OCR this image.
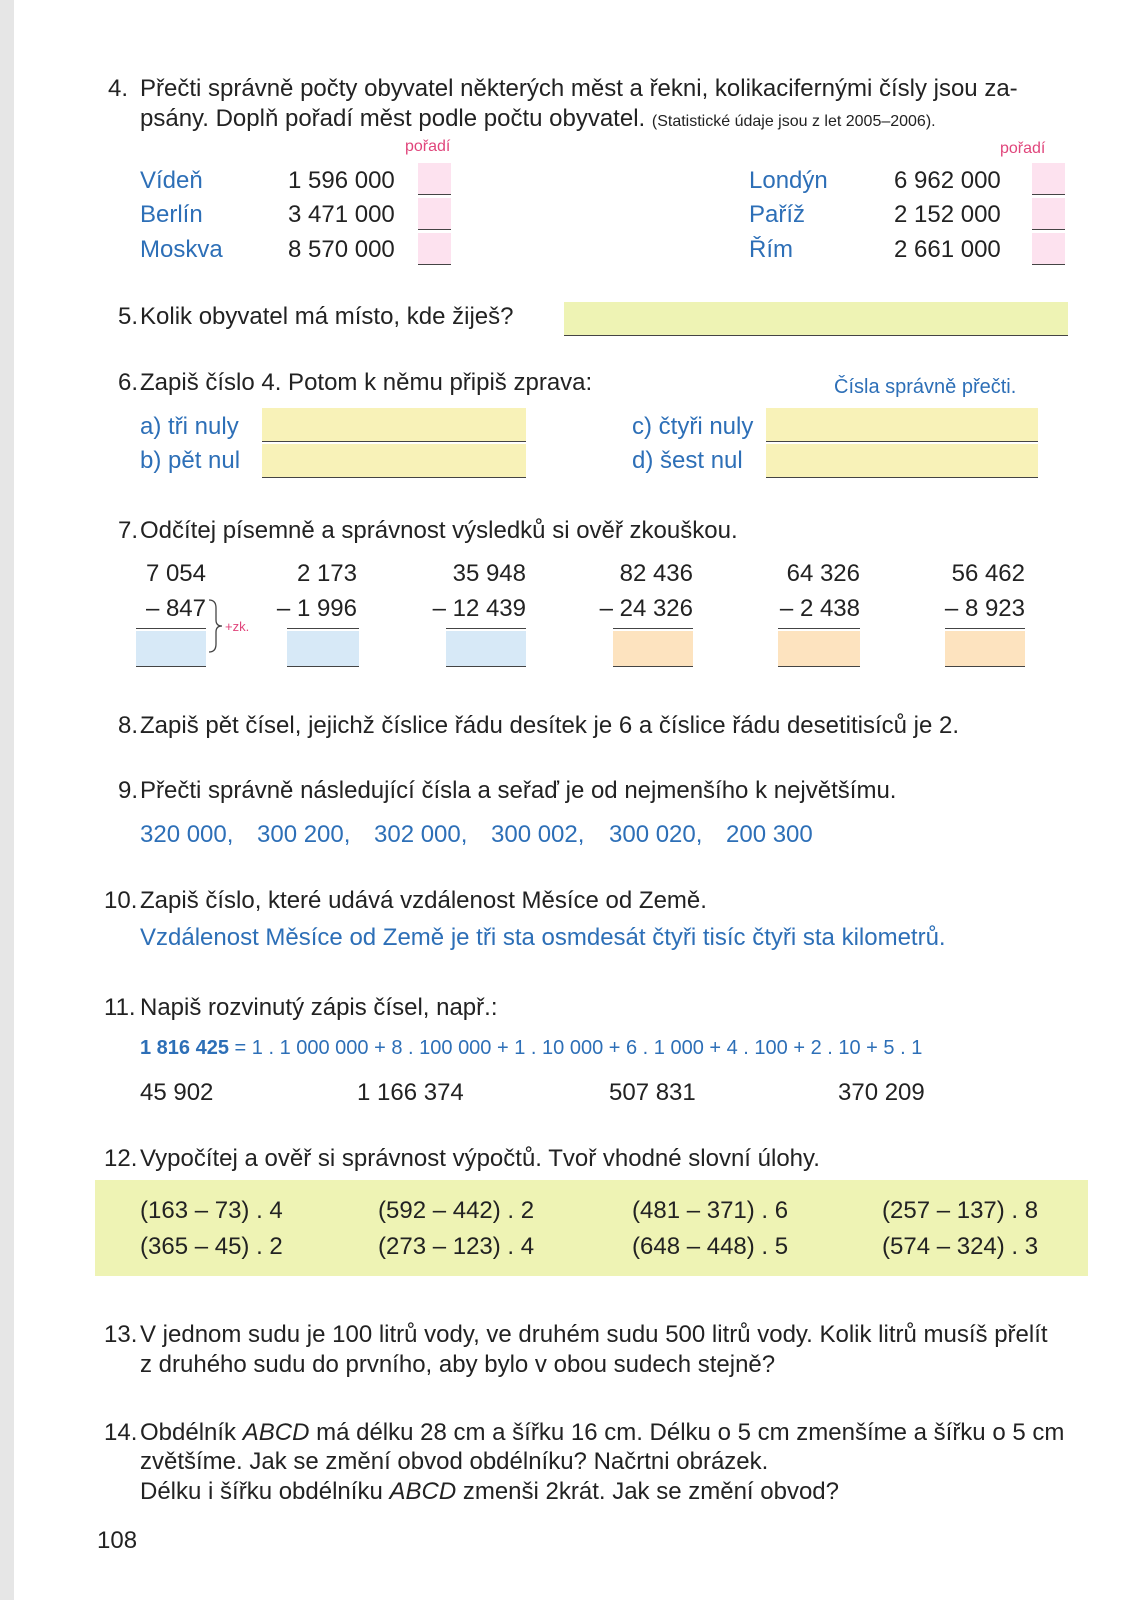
4. Přečti správně počty obyvatel některých měst a řekni, kolikacifernými čísly jsou za-
psány. Doplň pořadí měst podle počtu obyvatel. (Statistické údaje jsou z let 2005–2006).
pořadí	pořadí
Vídeň	1 596 000
Berlín	3 471 000
Moskva	8 570 000
Londýn	6 962 000
Paříž	2 152 000
Řím	2 661 000
5. Kolik obyvatel má místo, kde žiješ?
6. Zapiš číslo 4. Potom k němu připiš zprava:	Čísla správně přečti.
a) tři nuly
b) pět nul
c) čtyři nuly
d) šest nul
7. Odčítej písemně a správnost výsledků si ověř zkouškou.
7 054
– 847
+zk.
2 173
– 1 996
35 948
– 12 439
82 436
– 24 326
64 326
– 2 438
56 462
– 8 923
8. Zapiš pět čísel, jejichž číslice řádu desítek je 6 a číslice řádu desetitisíců je 2.
9. Přečti správně následující čísla a seřaď je od nejmenšího k největšímu.
320 000, 300 200, 302 000, 300 002, 300 020, 200 300
10. Zapiš číslo, které udává vzdálenost Měsíce od Země.
Vzdálenost Měsíce od Země je tři sta osmdesát čtyři tisíc čtyři sta kilometrů.
11. Napiš rozvinutý zápis čísel, např.:
1 816 425 = 1 . 1 000 000 + 8 . 100 000 + 1 . 10 000 + 6 . 1 000 + 4 . 100 + 2 . 10 + 5 . 1
45 902	1 166 374	507 831	370 209
12. Vypočítej a ověř si správnost výpočtů. Tvoř vhodné slovní úlohy.
(163 – 73) . 4	(592 – 442) . 2	(481 – 371) . 6	(257 – 137) . 8
(365 – 45) . 2	(273 – 123) . 4	(648 – 448) . 5	(574 – 324) . 3
13. V jednom sudu je 100 litrů vody, ve druhém sudu 500 litrů vody. Kolik litrů musíš přelít
z druhého sudu do prvního, aby bylo v obou sudech stejně?
14. Obdélník ABCD má délku 28 cm a šířku 16 cm. Délku o 5 cm zmenšíme a šířku o 5 cm
zvětšíme. Jak se změní obvod obdélníku? Načrtni obrázek.
Délku i šířku obdélníku ABCD zmenši 2krát. Jak se změní obvod?
108
